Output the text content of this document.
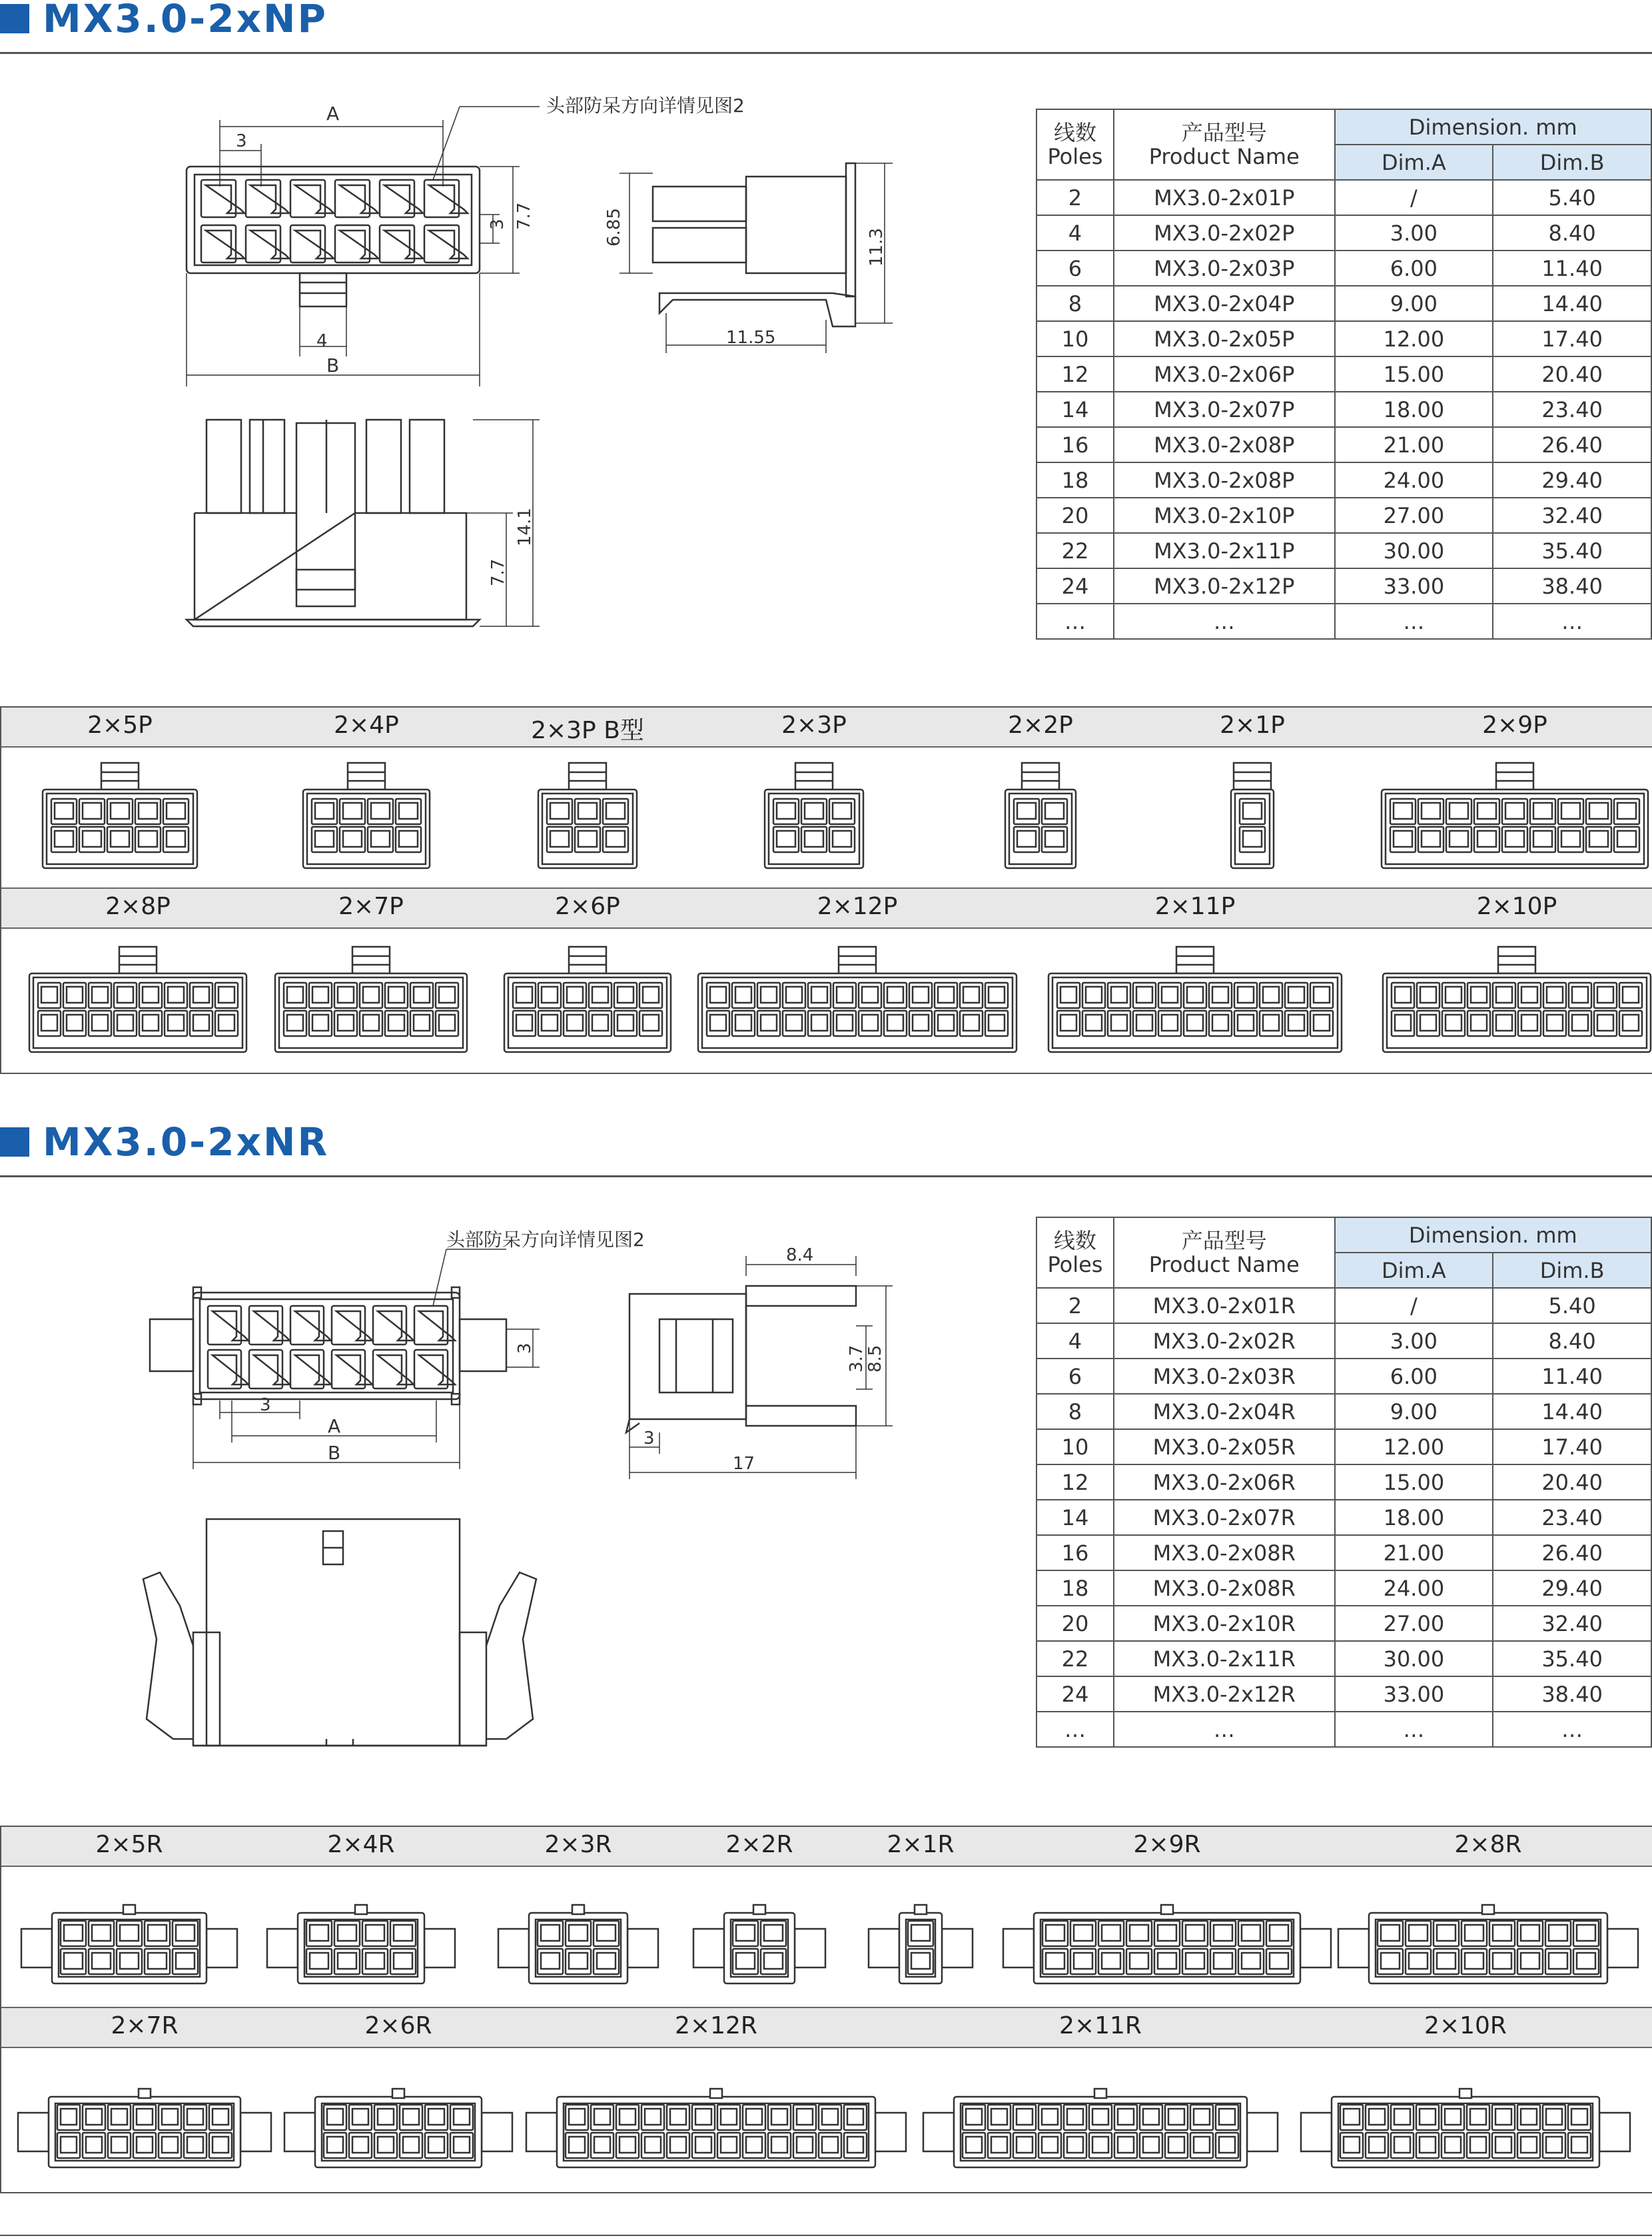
MX3.0-2xNP
A
3
4
B
3 7.7
头部防呆方向详情见图2
6.85
11.3
11.55
14.1
7.7
线数
Poles	产品型号
Product Name	Dimension. mm	
		Dim.A	Dim.B
2	MX3.0-2x01P	/	5.40
4	MX3.0-2x02P	3.00	8.40
6	MX3.0-2x03P	6.00	11.40
8	MX3.0-2x04P	9.00	14.40
10	MX3.0-2x05P	12.00	17.40
12	MX3.0-2x06P	15.00	20.40
14	MX3.0-2x07P	18.00	23.40
16	MX3.0-2x08P	21.00	26.40
18	MX3.0-2x08P	24.00	29.40
20	MX3.0-2x10P	27.00	32.40
22	MX3.0-2x11P	30.00	35.40
24	MX3.0-2x12P	33.00	38.40
…	…	…	…
2×5P	2×4P	2×3P B型	2×3P	2×2P	2×1P	2×9P
2×8P	2×7P	2×6P	2×12P	2×11P	2×10P
MX3.0-2xNR
3
A
B
3
头部防呆方向详情见图2
8.4
8.5
3.7
17
3
线数
Poles	产品型号
Product Name	Dimension. mm	
		Dim.A	Dim.B
2	MX3.0-2x01R	/	5.40
4	MX3.0-2x02R	3.00	8.40
6	MX3.0-2x03R	6.00	11.40
8	MX3.0-2x04R	9.00	14.40
10	MX3.0-2x05R	12.00	17.40
12	MX3.0-2x06R	15.00	20.40
14	MX3.0-2x07R	18.00	23.40
16	MX3.0-2x08R	21.00	26.40
18	MX3.0-2x08R	24.00	29.40
20	MX3.0-2x10R	27.00	32.40
22	MX3.0-2x11R	30.00	35.40
24	MX3.0-2x12R	33.00	38.40
…	…	…	…
2×5R	2×4R	2×3R	2×2R	2×1R	2×9R	2×8R
2×7R	2×6R	2×12R	2×11R	2×10R
